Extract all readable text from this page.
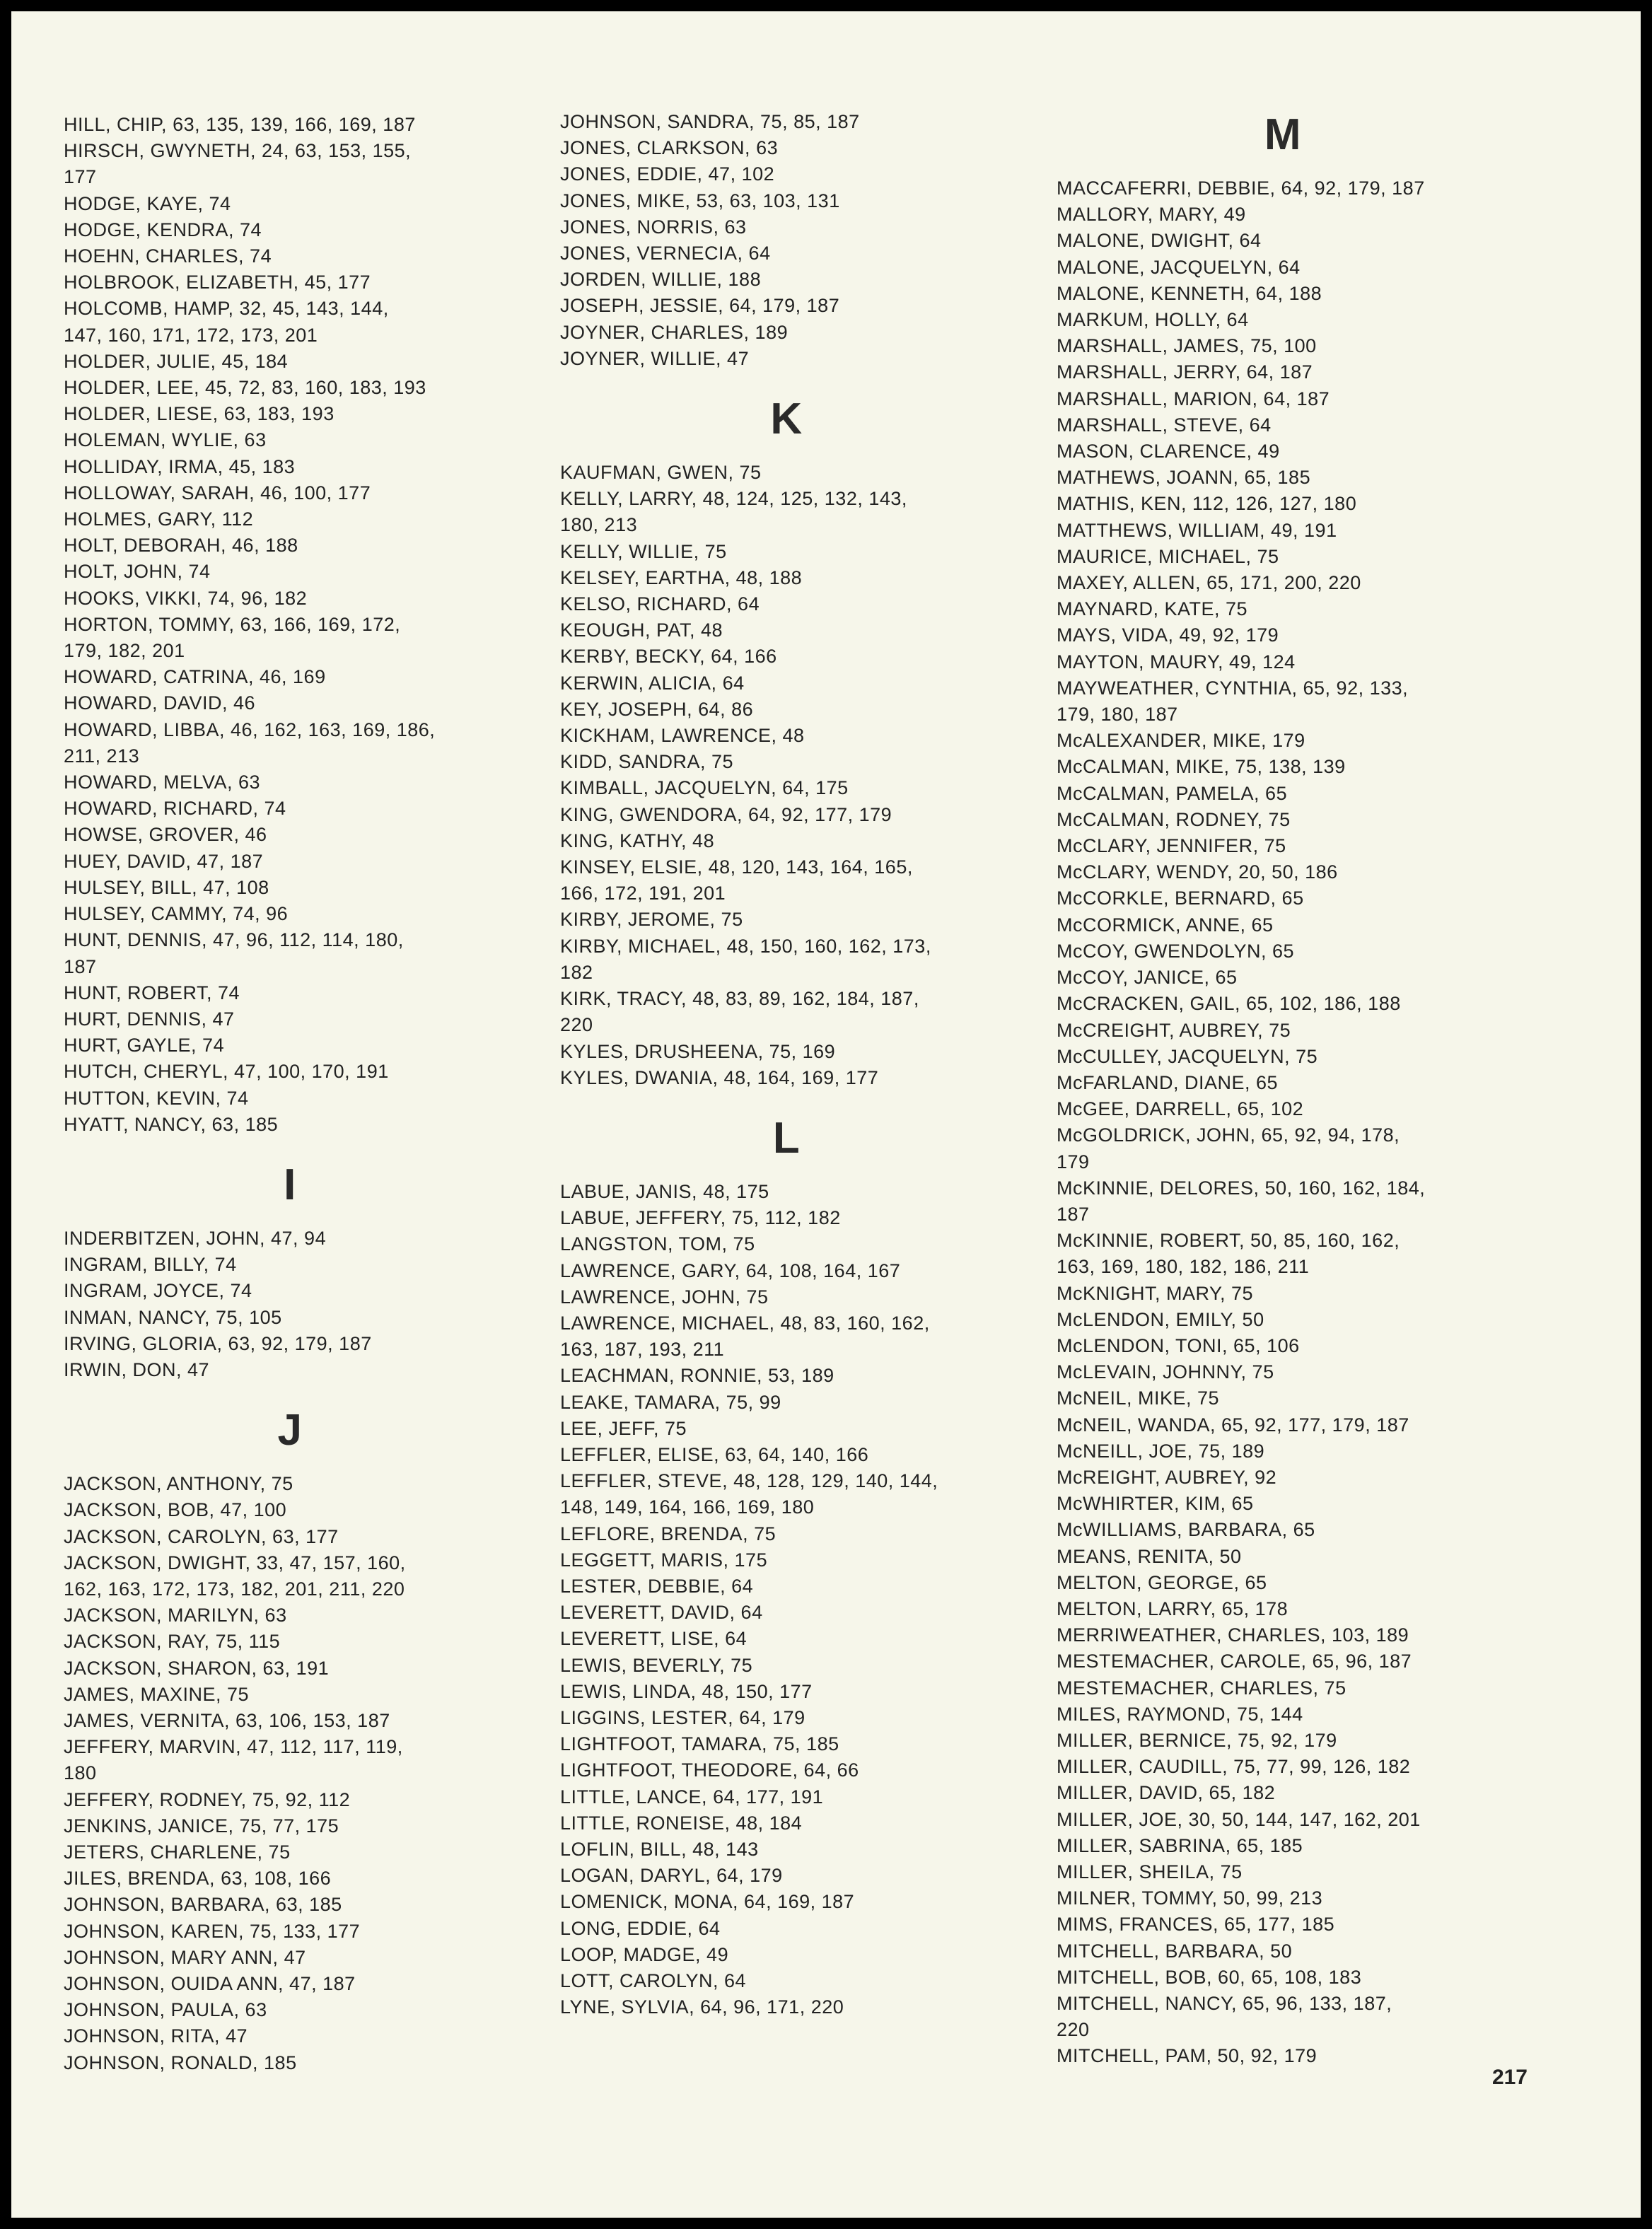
HILL, CHIP, 63, 135, 139, 166, 169, 187
HIRSCH, GWYNETH, 24, 63, 153, 155,
177
HODGE, KAYE, 74
HODGE, KENDRA, 74
HOEHN, CHARLES, 74
HOLBROOK, ELIZABETH, 45, 177
HOLCOMB, HAMP, 32, 45, 143, 144,
147, 160, 171, 172, 173, 201
HOLDER, JULIE, 45, 184
HOLDER, LEE, 45, 72, 83, 160, 183, 193
HOLDER, LIESE, 63, 183, 193
HOLEMAN, WYLIE, 63
HOLLIDAY, IRMA, 45, 183
HOLLOWAY, SARAH, 46, 100, 177
HOLMES, GARY, 112
HOLT, DEBORAH, 46, 188
HOLT, JOHN, 74
HOOKS, VIKKI, 74, 96, 182
HORTON, TOMMY, 63, 166, 169, 172,
179, 182, 201
HOWARD, CATRINA, 46, 169
HOWARD, DAVID, 46
HOWARD, LIBBA, 46, 162, 163, 169, 186,
211, 213
HOWARD, MELVA, 63
HOWARD, RICHARD, 74
HOWSE, GROVER, 46
HUEY, DAVID, 47, 187
HULSEY, BILL, 47, 108
HULSEY, CAMMY, 74, 96
HUNT, DENNIS, 47, 96, 112, 114, 180,
187
HUNT, ROBERT, 74
HURT, DENNIS, 47
HURT, GAYLE, 74
HUTCH, CHERYL, 47, 100, 170, 191
HUTTON, KEVIN, 74
HYATT, NANCY, 63, 185
I
INDERBITZEN, JOHN, 47, 94
INGRAM, BILLY, 74
INGRAM, JOYCE, 74
INMAN, NANCY, 75, 105
IRVING, GLORIA, 63, 92, 179, 187
IRWIN, DON, 47
J
JACKSON, ANTHONY, 75
JACKSON, BOB, 47, 100
JACKSON, CAROLYN, 63, 177
JACKSON, DWIGHT, 33, 47, 157, 160,
162, 163, 172, 173, 182, 201, 211, 220
JACKSON, MARILYN, 63
JACKSON, RAY, 75, 115
JACKSON, SHARON, 63, 191
JAMES, MAXINE, 75
JAMES, VERNITA, 63, 106, 153, 187
JEFFERY, MARVIN, 47, 112, 117, 119,
180
JEFFERY, RODNEY, 75, 92, 112
JENKINS, JANICE, 75, 77, 175
JETERS, CHARLENE, 75
JILES, BRENDA, 63, 108, 166
JOHNSON, BARBARA, 63, 185
JOHNSON, KAREN, 75, 133, 177
JOHNSON, MARY ANN, 47
JOHNSON, OUIDA ANN, 47, 187
JOHNSON, PAULA, 63
JOHNSON, RITA, 47
JOHNSON, RONALD, 185
JOHNSON, SANDRA, 75, 85, 187
JONES, CLARKSON, 63
JONES, EDDIE, 47, 102
JONES, MIKE, 53, 63, 103, 131
JONES, NORRIS, 63
JONES, VERNECIA, 64
JORDEN, WILLIE, 188
JOSEPH, JESSIE, 64, 179, 187
JOYNER, CHARLES, 189
JOYNER, WILLIE, 47
K
KAUFMAN, GWEN, 75
KELLY, LARRY, 48, 124, 125, 132, 143,
180, 213
KELLY, WILLIE, 75
KELSEY, EARTHA, 48, 188
KELSO, RICHARD, 64
KEOUGH, PAT, 48
KERBY, BECKY, 64, 166
KERWIN, ALICIA, 64
KEY, JOSEPH, 64, 86
KICKHAM, LAWRENCE, 48
KIDD, SANDRA, 75
KIMBALL, JACQUELYN, 64, 175
KING, GWENDORA, 64, 92, 177, 179
KING, KATHY, 48
KINSEY, ELSIE, 48, 120, 143, 164, 165,
166, 172, 191, 201
KIRBY, JEROME, 75
KIRBY, MICHAEL, 48, 150, 160, 162, 173,
182
KIRK, TRACY, 48, 83, 89, 162, 184, 187,
220
KYLES, DRUSHEENA, 75, 169
KYLES, DWANIA, 48, 164, 169, 177
L
LABUE, JANIS, 48, 175
LABUE, JEFFERY, 75, 112, 182
LANGSTON, TOM, 75
LAWRENCE, GARY, 64, 108, 164, 167
LAWRENCE, JOHN, 75
LAWRENCE, MICHAEL, 48, 83, 160, 162,
163, 187, 193, 211
LEACHMAN, RONNIE, 53, 189
LEAKE, TAMARA, 75, 99
LEE, JEFF, 75
LEFFLER, ELISE, 63, 64, 140, 166
LEFFLER, STEVE, 48, 128, 129, 140, 144,
148, 149, 164, 166, 169, 180
LEFLORE, BRENDA, 75
LEGGETT, MARIS, 175
LESTER, DEBBIE, 64
LEVERETT, DAVID, 64
LEVERETT, LISE, 64
LEWIS, BEVERLY, 75
LEWIS, LINDA, 48, 150, 177
LIGGINS, LESTER, 64, 179
LIGHTFOOT, TAMARA, 75, 185
LIGHTFOOT, THEODORE, 64, 66
LITTLE, LANCE, 64, 177, 191
LITTLE, RONEISE, 48, 184
LOFLIN, BILL, 48, 143
LOGAN, DARYL, 64, 179
LOMENICK, MONA, 64, 169, 187
LONG, EDDIE, 64
LOOP, MADGE, 49
LOTT, CAROLYN, 64
LYNE, SYLVIA, 64, 96, 171, 220
M
MACCAFERRI, DEBBIE, 64, 92, 179, 187
MALLORY, MARY, 49
MALONE, DWIGHT, 64
MALONE, JACQUELYN, 64
MALONE, KENNETH, 64, 188
MARKUM, HOLLY, 64
MARSHALL, JAMES, 75, 100
MARSHALL, JERRY, 64, 187
MARSHALL, MARION, 64, 187
MARSHALL, STEVE, 64
MASON, CLARENCE, 49
MATHEWS, JOANN, 65, 185
MATHIS, KEN, 112, 126, 127, 180
MATTHEWS, WILLIAM, 49, 191
MAURICE, MICHAEL, 75
MAXEY, ALLEN, 65, 171, 200, 220
MAYNARD, KATE, 75
MAYS, VIDA, 49, 92, 179
MAYTON, MAURY, 49, 124
MAYWEATHER, CYNTHIA, 65, 92, 133,
179, 180, 187
McALEXANDER, MIKE, 179
McCALMAN, MIKE, 75, 138, 139
McCALMAN, PAMELA, 65
McCALMAN, RODNEY, 75
McCLARY, JENNIFER, 75
McCLARY, WENDY, 20, 50, 186
McCORKLE, BERNARD, 65
McCORMICK, ANNE, 65
McCOY, GWENDOLYN, 65
McCOY, JANICE, 65
McCRACKEN, GAIL, 65, 102, 186, 188
McCREIGHT, AUBREY, 75
McCULLEY, JACQUELYN, 75
McFARLAND, DIANE, 65
McGEE, DARRELL, 65, 102
McGOLDRICK, JOHN, 65, 92, 94, 178,
179
McKINNIE, DELORES, 50, 160, 162, 184,
187
McKINNIE, ROBERT, 50, 85, 160, 162,
163, 169, 180, 182, 186, 211
McKNIGHT, MARY, 75
McLENDON, EMILY, 50
McLENDON, TONI, 65, 106
McLEVAIN, JOHNNY, 75
McNEIL, MIKE, 75
McNEIL, WANDA, 65, 92, 177, 179, 187
McNEILL, JOE, 75, 189
McREIGHT, AUBREY, 92
McWHIRTER, KIM, 65
McWILLIAMS, BARBARA, 65
MEANS, RENITA, 50
MELTON, GEORGE, 65
MELTON, LARRY, 65, 178
MERRIWEATHER, CHARLES, 103, 189
MESTEMACHER, CAROLE, 65, 96, 187
MESTEMACHER, CHARLES, 75
MILES, RAYMOND, 75, 144
MILLER, BERNICE, 75, 92, 179
MILLER, CAUDILL, 75, 77, 99, 126, 182
MILLER, DAVID, 65, 182
MILLER, JOE, 30, 50, 144, 147, 162, 201
MILLER, SABRINA, 65, 185
MILLER, SHEILA, 75
MILNER, TOMMY, 50, 99, 213
MIMS, FRANCES, 65, 177, 185
MITCHELL, BARBARA, 50
MITCHELL, BOB, 60, 65, 108, 183
MITCHELL, NANCY, 65, 96, 133, 187,
220
MITCHELL, PAM, 50, 92, 179
217
